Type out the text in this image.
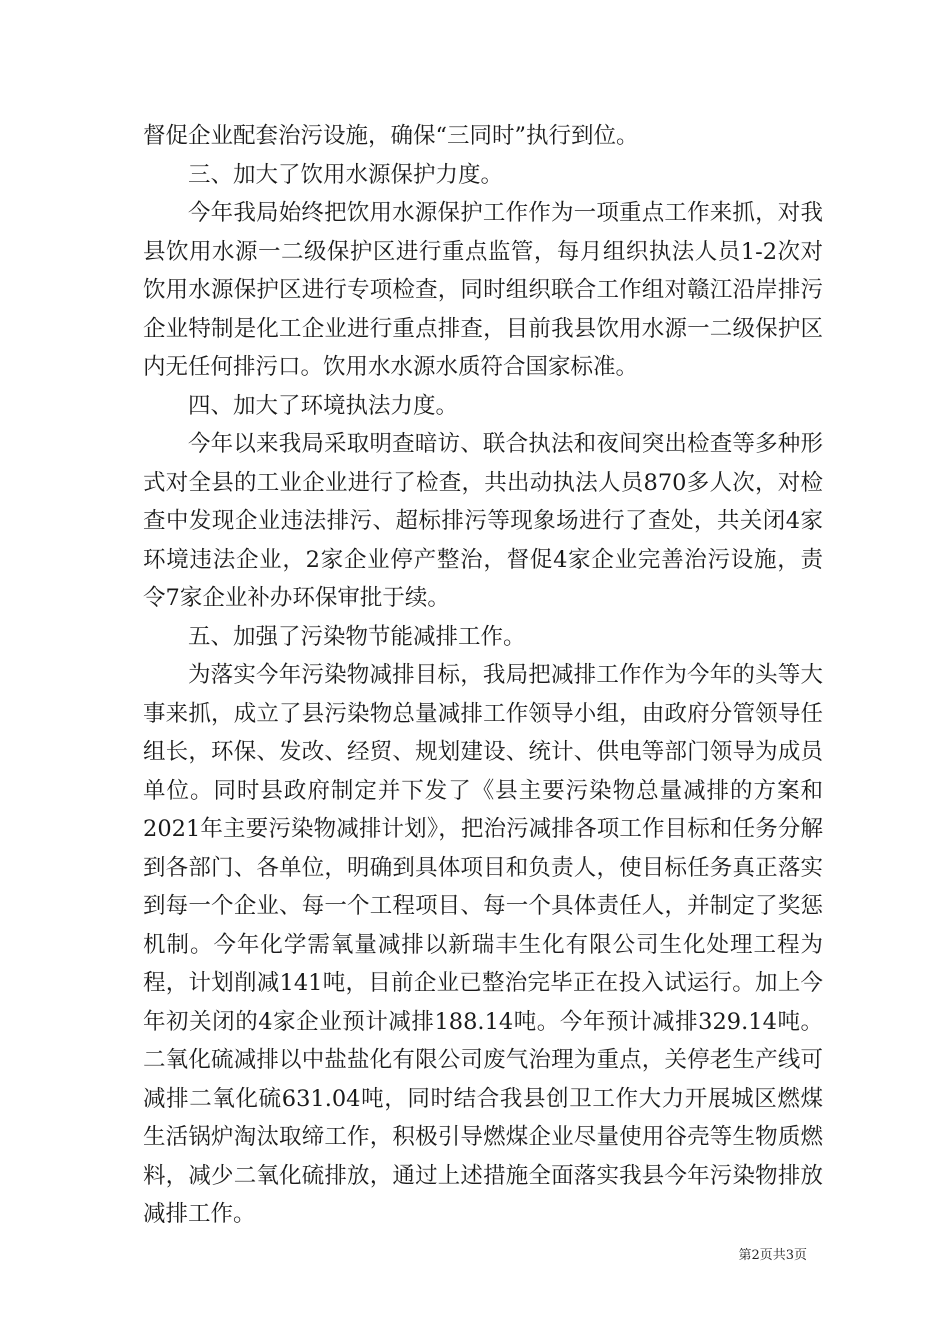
督促企业配套治污设施，确保“三同时”执行到位。

三、加大了饮用水源保护力度。

今年我局始终把饮用水源保护工作作为一项重点工作来抓，对我县饮用水源一二级保护区进行重点监管，每月组织执法人员1-2次对饮用水源保护区进行专项检查，同时组织联合工作组对赣江沿岸排污企业特制是化工企业进行重点排查，目前我县饮用水源一二级保护区内无任何排污口。饮用水水源水质符合国家标准。

四、加大了环境执法力度。

今年以来我局采取明查暗访、联合执法和夜间突出检查等多种形式对全县的工业企业进行了检查，共出动执法人员870多人次，对检查中发现企业违法排污、超标排污等现象场进行了查处，共关闭4家环境违法企业，2家企业停产整治，督促4家企业完善治污设施，责令7家企业补办环保审批于续。

五、加强了污染物节能减排工作。

为落实今年污染物减排目标，我局把减排工作作为今年的头等大事来抓，成立了县污染物总量减排工作领导小组，由政府分管领导任组长，环保、发改、经贸、规划建设、统计、供电等部门领导为成员单位。同时县政府制定并下发了《县主要污染物总量减排的方案和2021年主要污染物减排计划》，把治污减排各项工作目标和任务分解到各部门、各单位，明确到具体项目和负责人，使目标任务真正落实到每一个企业、每一个工程项目、每一个具体责任人，并制定了奖惩机制。今年化学需氧量减排以新瑞丰生化有限公司生化处理工程为程，计划削减141吨，目前企业已整治完毕正在投入试运行。加上今年初关闭的4家企业预计减排188.14吨。今年预计减排329.14吨。二氧化硫减排以中盐盐化有限公司废气治理为重点，关停老生产线可减排二氧化硫631.04吨，同时结合我县创卫工作大力开展城区燃煤生活锅炉淘汰取缔工作，积极引导燃煤企业尽量使用谷壳等生物质燃料，减少二氧化硫排放，通过上述措施全面落实我县今年污染物排放减排工作。

第2页共3页
